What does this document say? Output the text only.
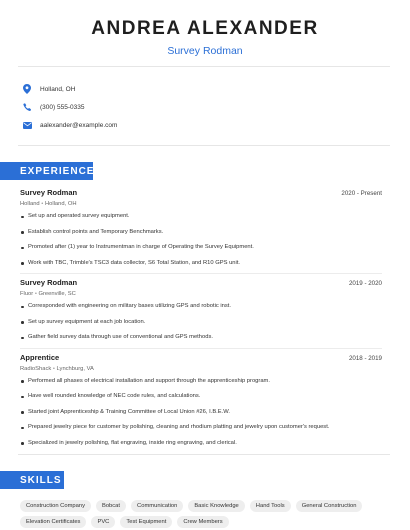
ANDREA ALEXANDER
Survey Rodman
Holland, OH
(300) 555-0335
aalexander@example.com
EXPERIENCE
Survey Rodman	2020 - Present
Holland • Holland, OH
Set up and operated survey equipment.
Establish control points and Temporary Benchmarks.
Promoted after (1) year to Instrumentman in charge of Operating the Survey Equipment.
Work with TBC, Trimble's TSC3 data collector, S6 Total Station, and R10 GPS unit.
Survey Rodman	2019 - 2020
Fluor • Greenville, SC
Corresponded with engineering on military bases utilizing GPS and robotic inst.
Set up survey equipment at each job location.
Gather field survey data through use of conventional and GPS methods.
Apprentice	2018 - 2019
RadioShack • Lynchburg, VA
Performed all phases of electrical installation and support through the apprenticeship program.
Have well rounded knowledge of NEC code rules, and calculations.
Started joint Apprenticeship & Training Committee of Local Union #26, I.B.E.W.
Prepared jewelry piece for customer by polishing, cleaning and rhodium platting and jewelry upon customer's request.
Specialized in jewelry polishing, flat engraving, inside ring engraving, and clerical.
SKILLS
Construction Company	Bobcat	Communication	Basic Knowledge	Hand Tools	General Construction
Elevation Certificates	PVC	Test Equipment	Crew Members
